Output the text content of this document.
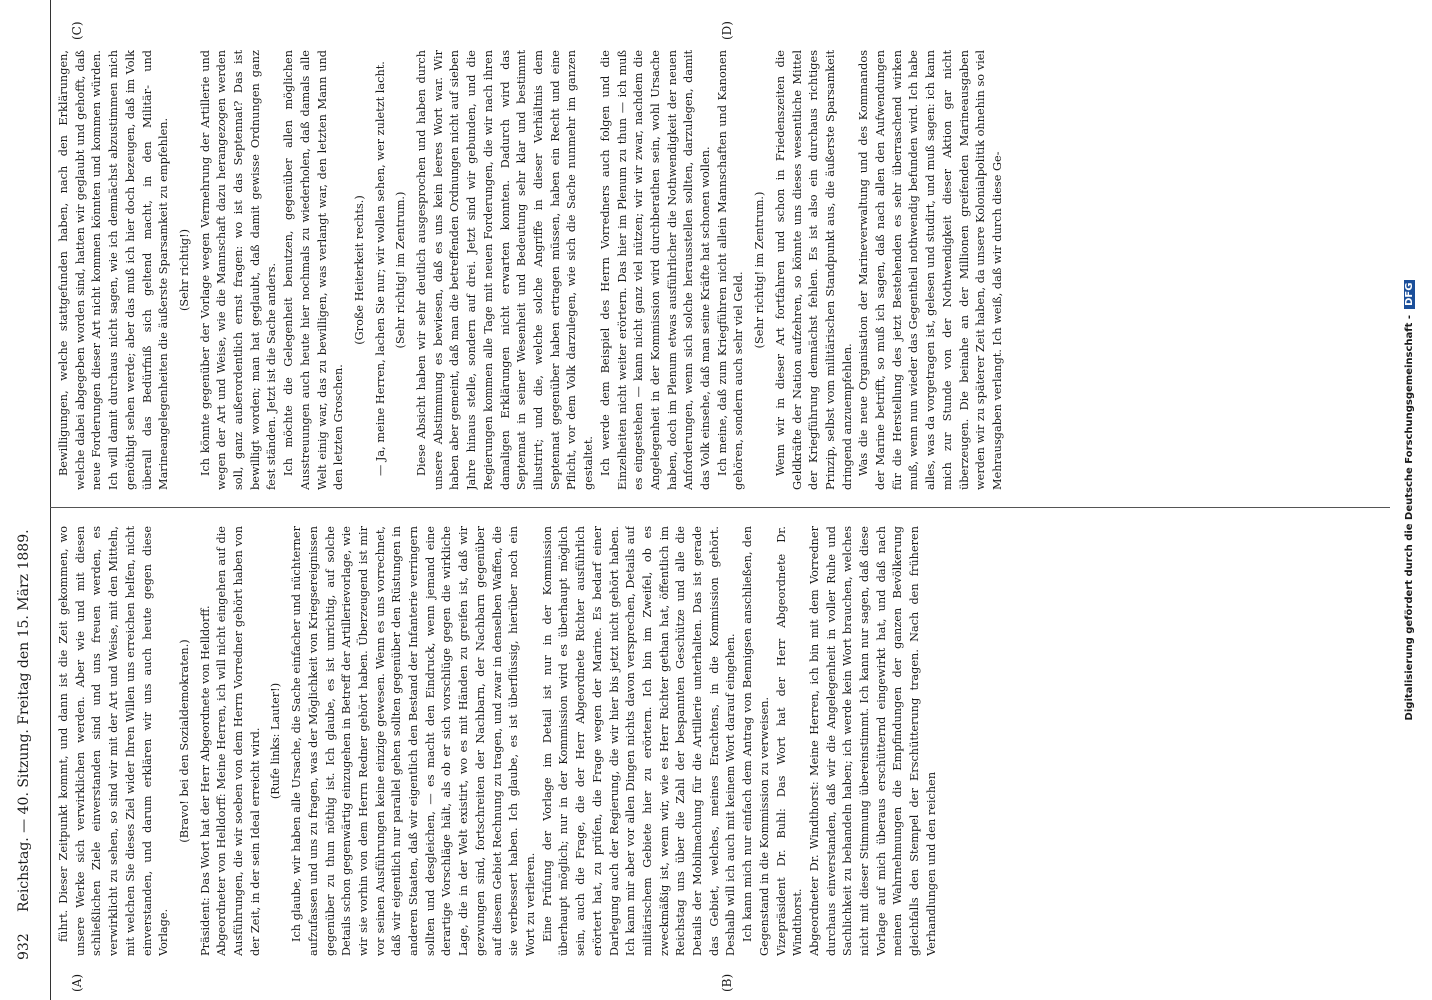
932
Reichstag. — 40. Sitzung. Freitag den 15. März 1889.
(A)	(B)
(C)	(D)

führt. Dieser Zeitpunkt kommt, und dann ist die Zeit gekommen, wo unsere Werke sich verwirklichen werden. Aber wie und mit diesen schließlichen Ziele einverstanden sind und uns freuen werden, es verwirklicht zu sehen, so sind wir mit der Art und Weise, mit den Mitteln, mit welchen Sie dieses Ziel wider Ihren Willen uns erreichen helfen, nicht einverstanden, und darum erklären wir uns auch heute gegen diese Vorlage.

(Bravo! bei den Sozialdemokraten.) Präsident: Das Wort hat der Herr Abgeordnete von Helldorff. Abgeordneter von Helldorff: Meine Herren, ich will nicht eingehen auf die Ausführungen, die wir soeben von dem Herrn Vorredner gehört haben von der Zeit, in der sein Ideal erreicht wird. (Rufe links: Lauter!) Ich glaube, wir haben alle Ursache, die Sache einfacher und nüchterner aufzufassen und uns zu fragen, was der Möglichkeit von Kriegsereignissen gegenüber zu thun nöthig ist. Ich glaube, es ist unrichtig, auf solche Details schon gegenwärtig einzugehen in Betreff der Artillerievorlage, wie wir sie vorhin von dem Herrn Redner gehört haben. Überzeugend ist mir vor seinen Ausführungen keine einzige gewesen. Wenn es uns vorrechnet, daß wir eigentlich nur parallel gehen sollten gegenüber den Rüstungen in anderen Staaten, daß wir eigentlich den Bestand der Infanterie verringern sollten und desgleichen, — es macht den Eindruck, wenn jemand eine derartige Vorschläge hält, als ob er sich vorschlüge gegen die wirkliche Lage, die in der Welt existirt, wo es mit Händen zu greifen ist, daß wir gezwungen sind, fortschreiten der Nachbarn, der Nachbarn gegenüber auf diesem Gebiet Rechnung zu tragen, und zwar in denselben Waffen, die sie verbessert haben. Ich glaube, es ist überflüssig, hierüber noch ein Wort zu verlieren. Eine Prüfung der Vorlage im Detail ist nur in der Kommission überhaupt möglich; nur in der Kommission wird es überhaupt möglich sein, auch die Frage, die der Herr Abgeordnete Richter ausführlich erörtert hat, zu prüfen, die Frage wegen der Marine. Es bedarf einer Darlegung auch der Regierung, die wir hier bis jetzt nicht gehört haben. Ich kann mir aber vor allen Dingen nichts davon versprechen, Details auf militärischem Gebiete hier zu erörtern. Ich bin im Zweifel, ob es zweckmäßig ist, wenn wir, wie es Herr Richter gethan hat, öffentlich im Reichstag uns über die Zahl der bespannten Geschütze und alle die Details der Mobilmachung für die Artillerie unterhalten. Das ist gerade das Gebiet, welches, meines Erachtens, in die Kommission gehört. Deshalb will ich auch mit keinem Wort darauf eingehen. Ich kann mich nur einfach dem Antrag von Bennigsen anschließen, den Gegenstand in die Kommission zu verweisen. Vizepräsident Dr. Buhl: Das Wort hat der Herr Abgeordnete Dr. Windthorst. Abgeordneter Dr. Windthorst: Meine Herren, ich bin mit dem Vorredner durchaus einverstanden, daß wir die Angelegenheit in voller Ruhe und Sachlichkeit zu behandeln haben; ich werde kein Wort brauchen, welches nicht mit dieser Stimmung übereinstimmt. Ich kann nur sagen, daß diese Vorlage auf mich überaus erschütternd eingewirkt hat, und daß nach meinen Wahrnehmungen die Empfindungen der ganzen Bevölkerung gleichfalls den Stempel der Erschütterung tragen. Nach den früheren Verhandlungen und den reichen

Bewilligungen, welche stattgefunden haben, nach den Erklärungen, welche dabei abgegeben worden sind, hatten wir geglaubt und gehofft, daß neue Forderungen dieser Art nicht kommen könnten und kommen würden. Ich will damit durchaus nicht sagen, wie ich demnächst abzustimmen mich genöthigt sehen werde; aber das muß ich hier doch bezeugen, daß im Volk überall das Bedürfniß sich geltend macht, in den Militär- und Marineangelegenheiten die äußerste Sparsamkeit zu empfehlen. (Sehr richtig!) Ich könnte gegenüber der Vorlage wegen Vermehrung der Artillerie und wegen der Art und Weise, wie die Mannschaft dazu herangezogen werden soll, ganz außerordentlich ernst fragen: wo ist das Septennat? Das ist bewilligt worden; man hat geglaubt, daß damit gewisse Ordnungen ganz fest ständen. Jetzt ist die Sache anders. Ich möchte die Gelegenheit benutzen, gegenüber allen möglichen Ausstreuungen auch heute hier nochmals zu wiederholen, daß damals alle Welt einig war, das zu bewilligen, was verlangt war, den letzten Mann und den letzten Groschen.

(Große Heiterkeit rechts.) — Ja, meine Herren, lachen Sie nur; wir wollen sehen, wer zuletzt lacht. (Sehr richtig! im Zentrum.) Diese Absicht haben wir sehr deutlich ausgesprochen und haben durch unsere Abstimmung es bewiesen, daß es uns kein leeres Wort war. Wir haben aber gemeint, daß man die betreffenden Ordnungen nicht auf sieben Jahre hinaus stelle, sondern auf drei. Jetzt sind wir gebunden, und die Regierungen kommen alle Tage mit neuen Forderungen, die wir nach ihren damaligen Erklärungen nicht erwarten konnten. Dadurch wird das Septennat in seiner Wesenheit und Bedeutung sehr klar und bestimmt illustrirt; und die, welche solche Angriffe in dieser Verhältnis dem Septennat gegenüber haben ertragen müssen, haben ein Recht und eine Pflicht, vor dem Volk darzulegen, wie sich die Sache nunmehr im ganzen gestaltet. Ich werde dem Beispiel des Herrn Vorredners auch folgen und die Einzelheiten nicht weiter erörtern. Das hier im Plenum zu thun — ich muß es eingestehen — kann nicht ganz viel nützen; wir wir zwar, nachdem die Angelegenheit in der Kommission wird durchberathen sein, wohl Ursache haben, doch im Plenum etwas ausführlicher die Nothwendigkeit der neuen Anforderungen, wenn sich solche herausstellen sollten, darzulegen, damit das Volk einsehe, daß man seine Kräfte hat schonen wollen. Ich meine, daß zum Kriegführen nicht allein Mannschaften und Kanonen gehören, sondern auch sehr viel Geld.

(Sehr richtig! im Zentrum.) Wenn wir in dieser Art fortfahren und schon in Friedenszeiten die Geldkräfte der Nation aufzehren, so könnte uns dieses wesentliche Mittel der Kriegführung demnächst fehlen. Es ist also ein durchaus richtiges Prinzip, selbst vom militärischen Standpunkt aus, die äußerste Sparsamkeit dringend anzuempfehlen. Was die neue Organisation der Marineverwaltung und des Kommandos der Marine betrifft, so muß ich sagen, daß nach allen den Aufwendungen für die Herstellung des jetzt Bestehenden es sehr überraschend wirken muß, wenn nun wieder das Gegentheil nothwendig befunden wird. Ich habe alles, was da vorgetragen ist, gelesen und studirt, und muß sagen: ich kann mich zur Stunde von der Nothwendigkeit dieser Aktion gar nicht überzeugen. Die beinahe an der Millionen greifenden Marineausgaben werden wir zu späterer Zeit haben, da unsere Kolonialpolitik ohnehin so viel Mehrausgaben verlangt. Ich weiß, daß wir durch diese Ge-	Digitalisierung gefördert durch die Deutsche Forschungsgemeinschaft -DFG
